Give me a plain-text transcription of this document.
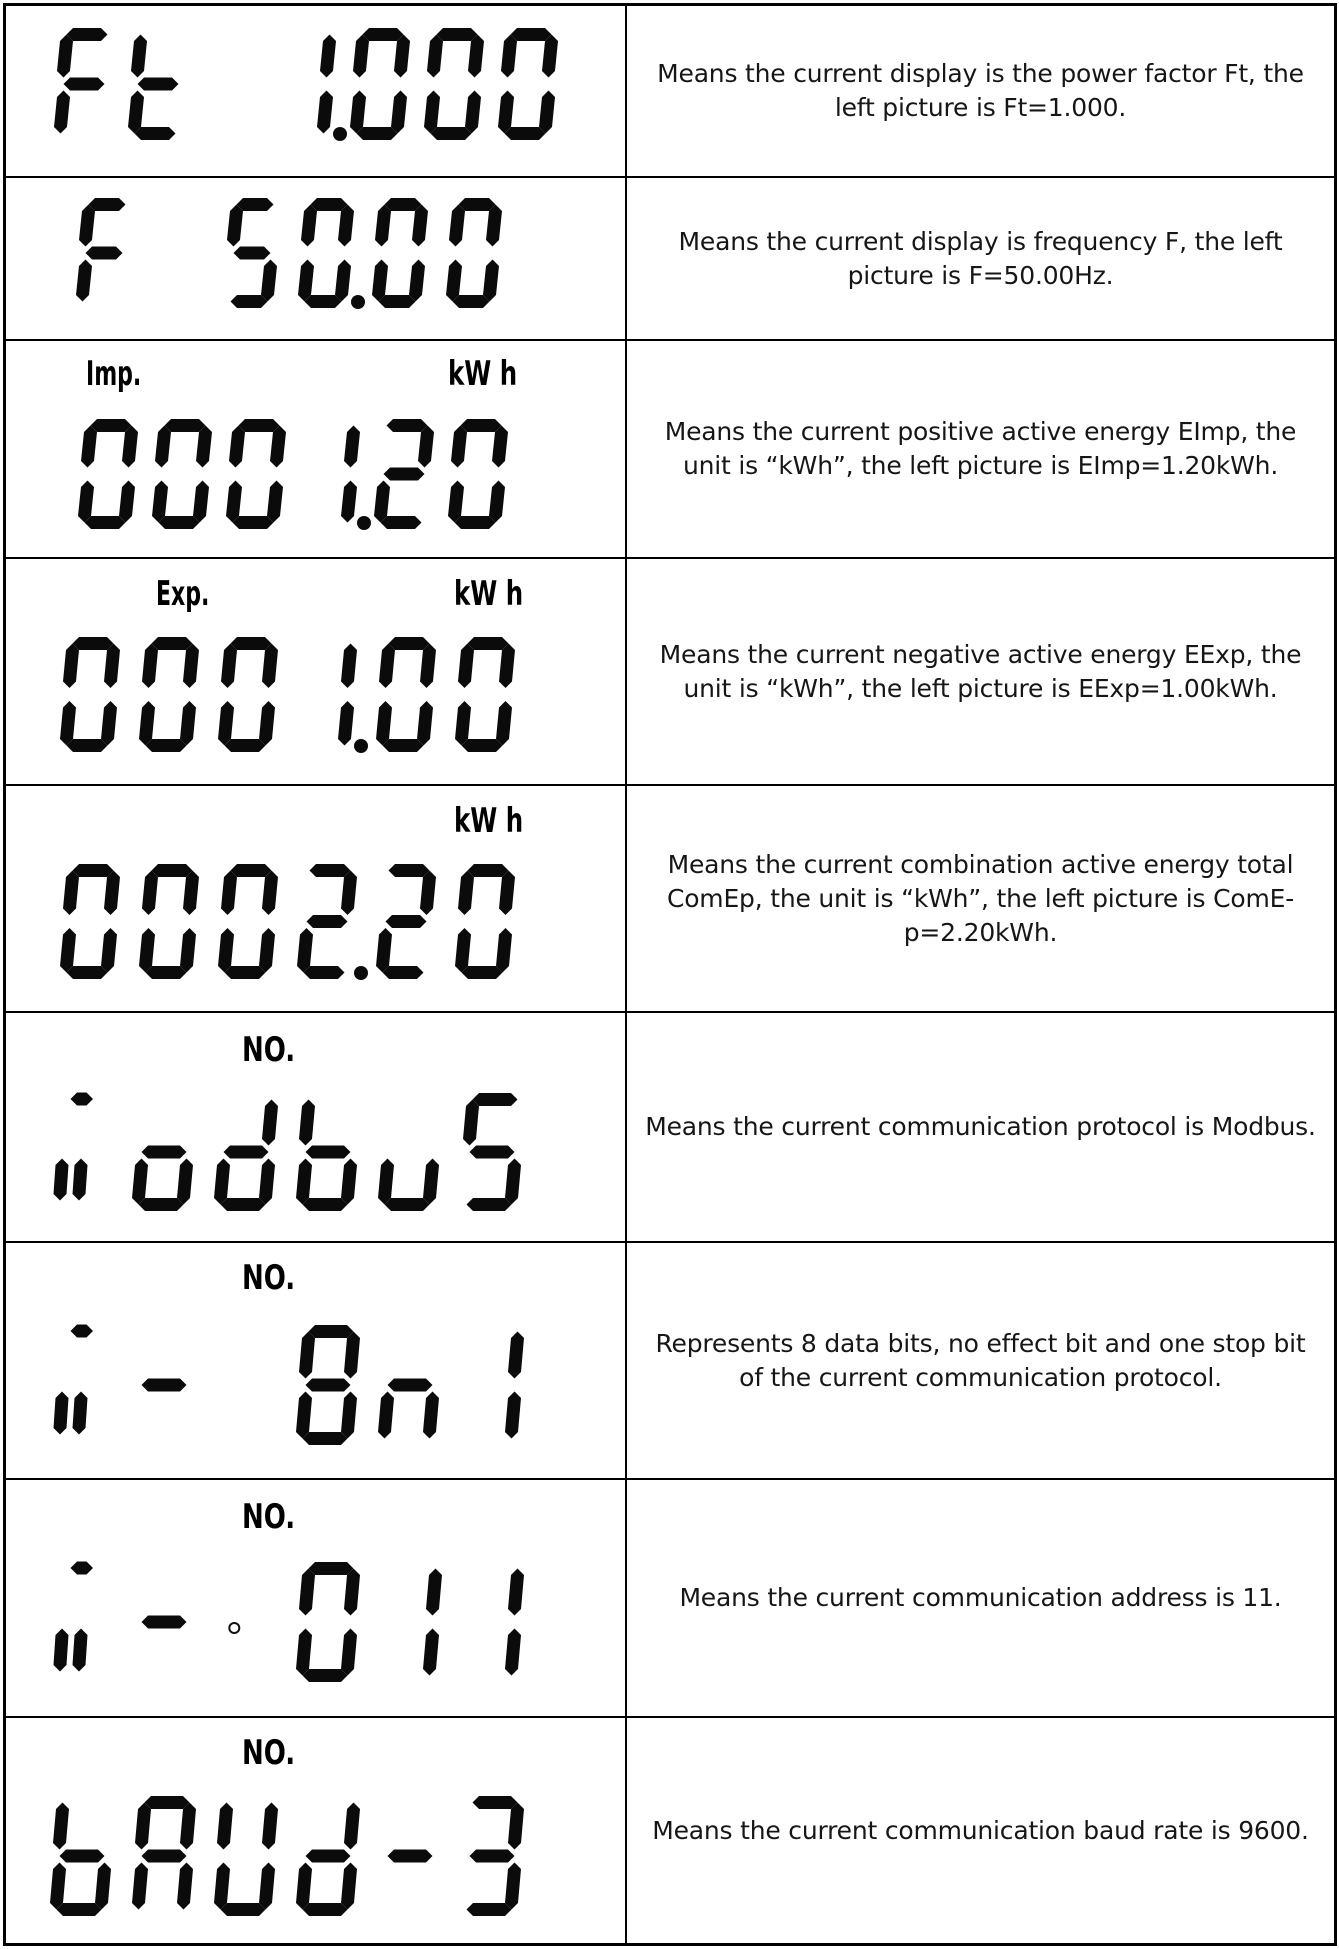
Means the current display is the power factor Ft, the left picture is Ft=1.000.
Means the current display is frequency F, the left picture is F=50.00Hz.
Imp.	kW h
Means the current positive active energy EImp, the unit is “kWh”, the left picture is EImp=1.20kWh.
Exp.	kW h
Means the current negative active energy EExp, the unit is “kWh”, the left picture is EExp=1.00kWh.
kW h
Means the current combination active energy total ComEp, the unit is “kWh”, the left picture is ComE-p=2.20kWh.
NO.
Means the current communication protocol is Modbus.
NO.
Represents 8 data bits, no effect bit and one stop bit of the current communication protocol.
NO.
Means the current communication address is 11.
NO.
Means the current communication baud rate is 9600.
